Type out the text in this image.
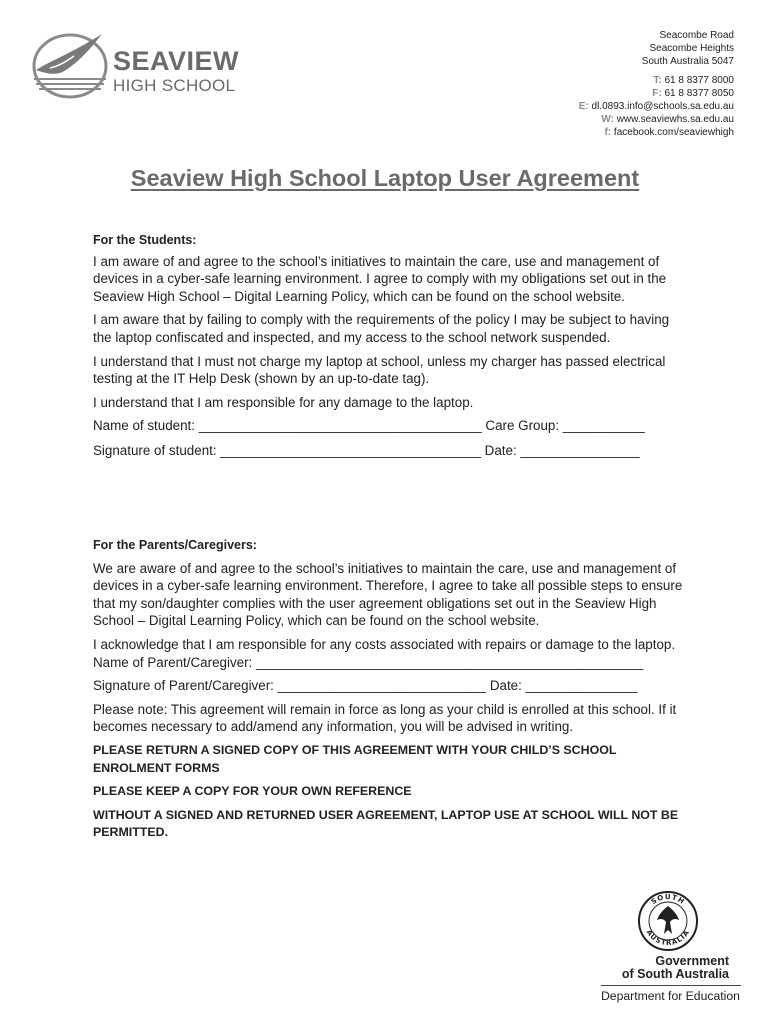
SEAVIEW
HIGH SCHOOL
Seacombe Road
Seacombe Heights
South Australia 5047
T: 61 8 8377 8000
F: 61 8 8377 8050
E: dl.0893.info@schools.sa.edu.au
W: www.seaviewhs.sa.edu.au
f: facebook.com/seaviewhigh
Seaview High School Laptop User Agreement

For the Students:

I am aware of and agree to the school’s initiatives to maintain the care, use and management of devices in a cyber-safe learning environment. I agree to comply with my obligations set out in the Seaview High School – Digital Learning Policy, which can be found on the school website.

I am aware that by failing to comply with the requirements of the policy I may be subject to having the laptop confiscated and inspected, and my access to the school network suspended.

I understand that I must not charge my laptop at school, unless my charger has passed electrical testing at the IT Help Desk (shown by an up-to-date tag).

I understand that I am responsible for any damage to the laptop.

Name of student: ______________________________________ Care Group: ___________

Signature of student: ___________________________________ Date: ________________

For the Parents/Caregivers:

We are aware of and agree to the school’s initiatives to maintain the care, use and management of devices in a cyber-safe learning environment. Therefore, I agree to take all possible steps to ensure that my son/daughter complies with the user agreement obligations set out in the Seaview High School – Digital Learning Policy, which can be found on the school website.

I acknowledge that I am responsible for any costs associated with repairs or damage to the laptop.

Name of Parent/Caregiver: ____________________________________________________

Signature of Parent/Caregiver: ____________________________ Date: _______________

Please note: This agreement will remain in force as long as your child is enrolled at this school. If it becomes necessary to add/amend any information, you will be advised in writing.

PLEASE RETURN A SIGNED COPY OF THIS AGREEMENT WITH YOUR CHILD’S SCHOOL ENROLMENT FORMS

PLEASE KEEP A COPY FOR YOUR OWN REFERENCE

WITHOUT A SIGNED AND RETURNED USER AGREEMENT, LAPTOP USE AT SCHOOL WILL NOT BE PERMITTED.

SOUTH
AUSTRALIA
Government
of South Australia
Department for Education
